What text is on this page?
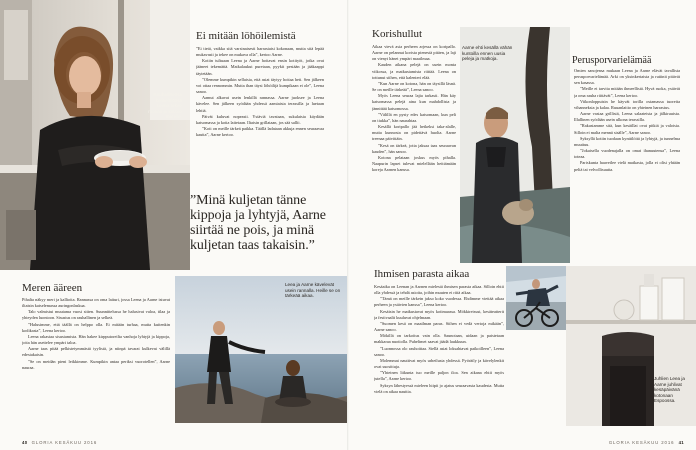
Rauhallisessa kotikeittiössä Leena tekee ruokaa ja katsoo merelle.
Ei mitään löhöilemistä

”Ei tietä, vaikka sitä varsinaisesti harrastaisi kokonaan, mutta sitä lepää mukavasti ja tekee on mukava olla”, kertoo Aarne.

Kotiin tultuaan Leena ja Aarne hoitavat ensin kotityöt, jotka ovat jääneet tekemättä. Matkalaukut puretaan, pyykit pestään ja jääkaappi täytetään.

”Olemme kumpikin sellaisia, että asiat täytyy hoitaa heti. Sen jälkeen voi ottaa rennommin. Mutta ihan täysi löhöilijä kumpikaan ei ole”, Leena sanoo.

Aamut alkavat usein lenkillä rannassa. Aarne juoksee ja Leena kävelee. Sen jälkeen syödään yhdessä aamiaista terassilla ja luetaan lehtiä.

Päivät kuluvat nopeasti. Ystäviä tavataan, sukulaisia käydään katsomassa ja kotia laitetaan. Iltaisin grillataan, jos sää sallii.

”Koti on meille tärkeä paikka. Täällä ladataan akkuja ennen seuraavaa kautta”, Aarne kertoo.

”Minä kuljetan tänne kippoja ja lyhtyjä, Aarne siirtää ne pois, ja minä kuljetan taas takaisin.”
Meren ääreen

Pihalta näkyy meri ja kallioita. Rannassa on oma laituri, jossa Leena ja Aarne istuvat iltaisin katselemassa auringonlaskua.

Talo valmistui muutama vuosi sitten. Suunnittelussa he halusivat valoa, tilaa ja yhteyden luontoon. Sisustus on rauhallinen ja selkeä.

”Halusimme, että täällä on helppo olla. Ei mitään turhaa, mutta kuitenkin kodikasta”, Leena kertoo.

Leena rakastaa sisustamista. Hän hakee kirpputoreilta vanhoja lyhtyjä ja kippoja, joita hän asettelee ympäri taloa.

Aarne taas pitää pelkistetymmästä tyylistä, ja niinpä tavarat kulkevat välillä edestakaisin.

”Se on meidän pieni leikkimme. Kumpikin antaa periksi vuorotellen”, Aarne nauraa.

Leea ja Aarne kävelevät usein rannalla. Heille se on tärkeää aikaa.
40 GLORIA KESÄKUU 2016
Korishullut

Aikaa vievä asia perheen arjessa on koripallo. Aarne on pelannut korista pienestä pitäen, ja laji on vienyt hänet ympäri maailmaa.

Kauden aikana pelejä on usein monta viikossa, ja matkustamista riittää. Leena on tottunut siihen, että kalenteri elää.

”Kun Aarne on kotona, hän on täysillä läsnä. Se on meille tärkeää”, Leena sanoo.

Myös Leena seuraa lajia tarkasti. Hän käy katsomassa pelejä aina kun mahdollista ja jännittää katsomossa.

”Välillä en pysty edes katsomaan, kun peli on tiukka”, hän naurahtaa.

Kesällä koripallo jää hetkeksi taka-alalle, mutta kunnosta on pidettävä huolta. Aarne treenaa päivittäin.

”Kesä on tärkeä, jotta jaksaa taas seuraavan kauden”, hän sanoo.

Kotona pelataan joskus myös pihalla. Naapurin lapset tulevat mielellään heittämään koreja Aarnen kanssa.

Aarne ehti kesällä vähän kuntoilla ennen uusia peleja ja matkoja.	Perusporvarielämää

Omien sanojensa mukaan Leena ja Aarne elävät tavallista perusporvarielämää. Arki on yksinkertaista ja rutiinit pitävät sen kasassa.

”Meille ei tarvita mitään ihmeellistä. Hyvä ruoka, ystävät ja oma rauha riittävät”, Leena kertoo.

Viikonloppuisin he käyvät torilla ostamassa tuoreita vihanneksia ja kalaa. Ruuanlaitto on yhteinen harrastus.

Aarne vastaa grillistä, Leena salaateista ja jälkiruuista. Illallinen syödään usein ulkona terassilla.

”Rakastamme sitä, kun kesäillat ovat pitkiä ja valoisia. Silloin ei malta mennä sisälle”, Aarne sanoo.

Syksyllä kotiin tuodaan kynttilöitä ja lyhtyjä, ja tunnelma muuttuu.

”Jokaisella vuodenajalla on omat ihanuutensa”, Leena toteaa.

Pariskunta haaveilee vielä matkasta, jolla ei olisi yhtään peliä tai velvollisuutta.

Ihmisen parasta aikaa

Kesäaika on Leenan ja Aarnen mielestä ihmisen parasta aikaa. Silloin ehtii olla yhdessä ja tehdä asioita, joihin muuten ei riitä aikaa.

”Tämä on meille tärkein jakso koko vuodessa. Ehdimme viettää aikaa perheen ja ystävien kanssa”, Leena kertoo.

Kesäisin he matkustavat myös kotimaassa. Mökkireissut, kesäteatterit ja festivaalit kuuluvat ohjelmaan.

”Suomen kesä on maailman paras. Siihen ei vedä vertoja mikään”, Aarne sanoo.

Mökillä on tarkoitus vain olla. Saunotaan, uidaan ja paistetaan makkaraa nuotiolla. Puhelimet saavat jäädä laukkuun.

”Luonnossa olo rauhoittaa. Siellä asiat loksahtavat paikoilleen”, Leena sanoo.

Molemmat nauttivat myös urheilusta yhdessä. Pyöräily ja kävelylenkit ovat suosittuja.

”Yhteinen liikunta tuo meille paljon iloa. Sen aikana ehtii myös jutella”, Aarne kertoo.

Syksyn lähestyessä mieleen hiipii jo ajatus seuraavasta kaudesta. Mutta vielä on aikaa nauttia.

Juhlien Leea ja Aarne juhlivat kesäpäivänä kotonaan Espoossa.
GLORIA KESÄKUU 2016 41
